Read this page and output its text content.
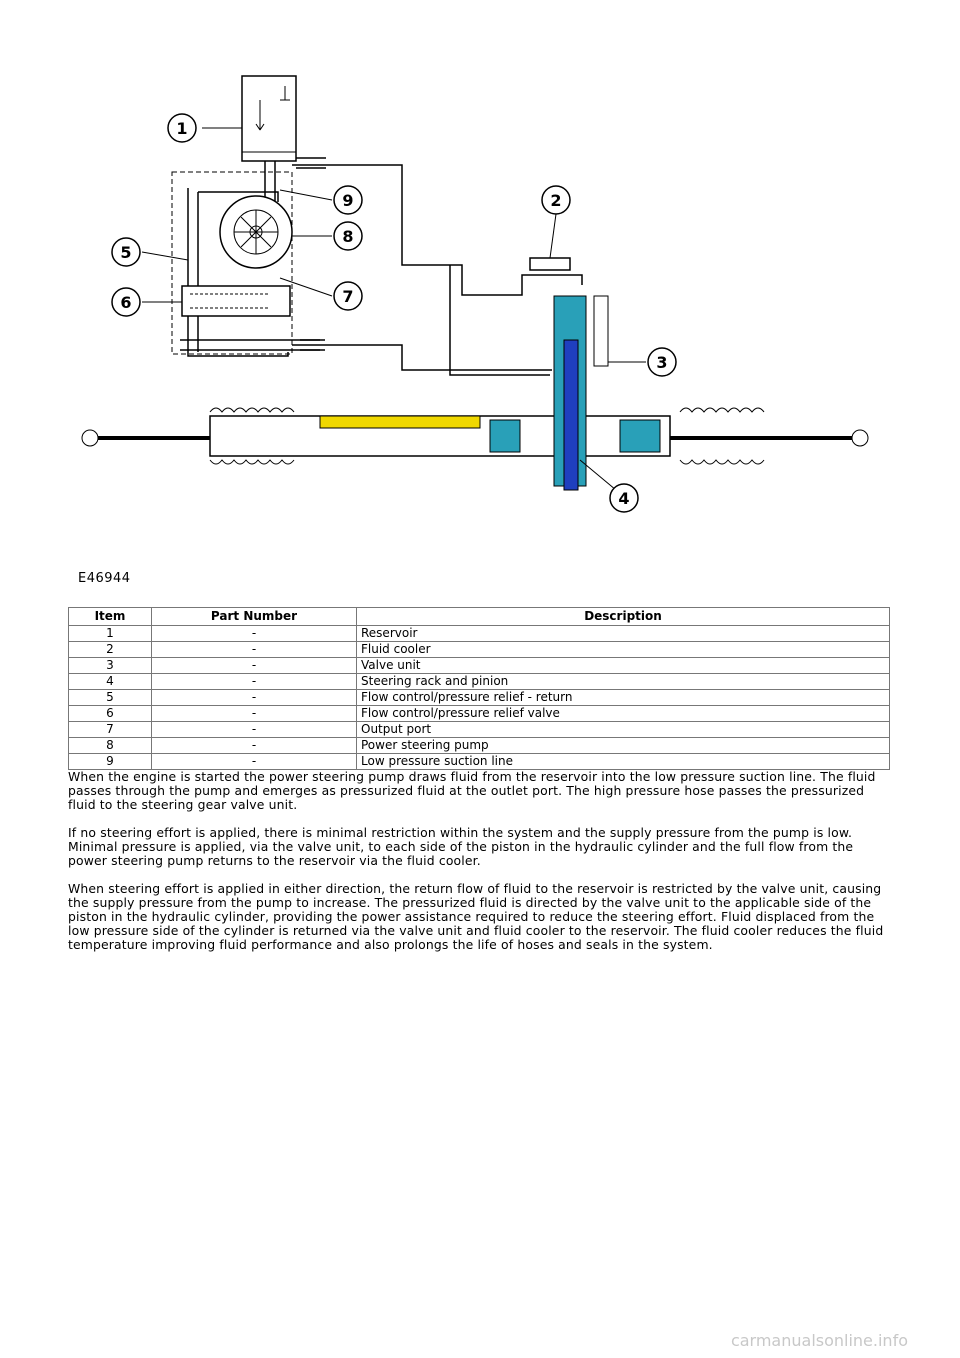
1
2
3
4
5
6	7
8
9
E46944
Item	Part Number	Description
1	-	Reservoir
2	-	Fluid cooler
3	-	Valve unit
4	-	Steering rack and pinion
5	-	Flow control/pressure relief - return
6	-	Flow control/pressure relief valve
7	-	Output port
8	-	Power steering pump
9	-	Low pressure suction line

When the engine is started the power steering pump draws fluid from the reservoir into the low pressure suction line. The fluid passes through the pump and emerges as pressurized fluid at the outlet port. The high pressure hose passes the pressurized fluid to the steering gear valve unit.

If no steering effort is applied, there is minimal restriction within the system and the supply pressure from the pump is low. Minimal pressure is applied, via the valve unit, to each side of the piston in the hydraulic cylinder and the full flow from the power steering pump returns to the reservoir via the fluid cooler.

When steering effort is applied in either direction, the return flow of fluid to the reservoir is restricted by the valve unit, causing the supply pressure from the pump to increase. The pressurized fluid is directed by the valve unit to the applicable side of the piston in the hydraulic cylinder, providing the power assistance required to reduce the steering effort. Fluid displaced from the low pressure side of the cylinder is returned via the valve unit and fluid cooler to the reservoir. The fluid cooler reduces the fluid temperature improving fluid performance and also prolongs the life of hoses and seals in the system.

carmanualsonline.info
